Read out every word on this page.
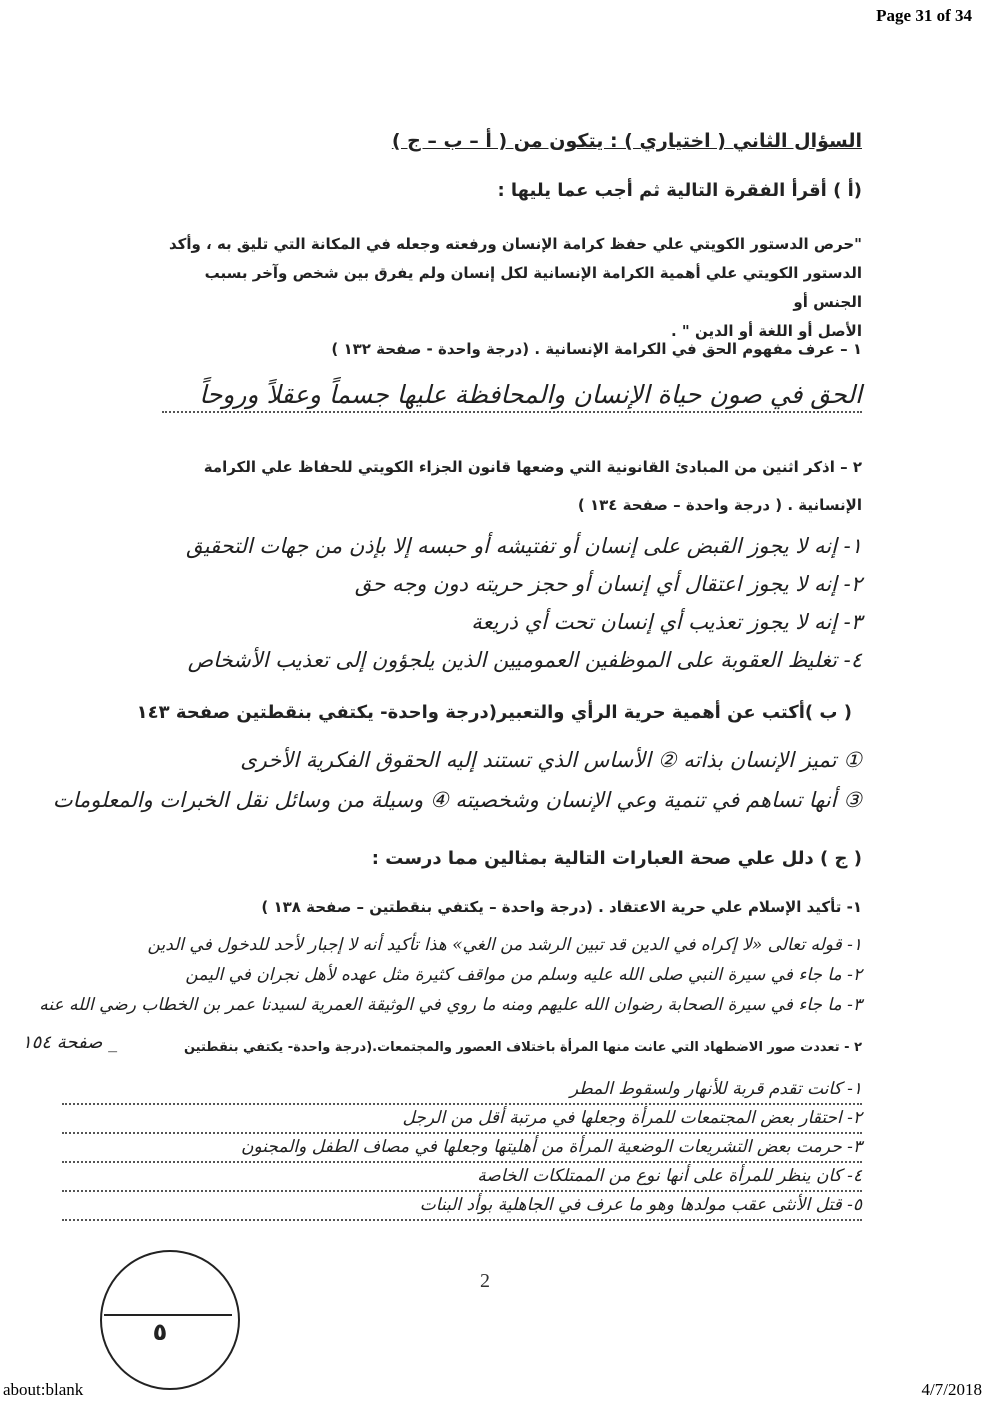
Page 31 of 34
about:blank	4/7/2018
السؤال الثاني ( اختياري ) : يتكون من ( أ – ب – ج )
(أ ) أقرأ الفقرة التالية ثم أجب عما يليها :
"حرص الدستور الكويتي علي حفظ كرامة الإنسان ورفعته وجعله في المكانة التي تليق به ، وأكد
الدستور الكويتي علي أهمية الكرامة الإنسانية لكل إنسان ولم يفرق بين شخص وآخر بسبب الجنس أو
الأصل أو اللغة أو الدين " .
١ – عرف مفهوم الحق في الكرامة الإنسانية . (درجة واحدة - صفحة ١٣٢ )
الحق في صون حياة الإنسان والمحافظة عليها جسماً وعقلاً وروحاً
٢ – اذكر اثنين من المبادئ القانونية التي وضعها قانون الجزاء الكويتي للحفاظ علي الكرامة
الإنسانية . ( درجة واحدة – صفحة ١٣٤ )
١- إنه لا يجوز القبض على إنسان أو تفتيشه أو حبسه إلا بإذن من جهات التحقيق
٢- إنه لا يجوز اعتقال أي إنسان أو حجز حريته دون وجه حق
٣- إنه لا يجوز تعذيب أي إنسان تحت أي ذريعة
٤- تغليظ العقوبة على الموظفين العموميين الذين يلجؤون إلى تعذيب الأشخاص
( ب )أكتب عن أهمية حرية الرأي والتعبير(درجة واحدة- يكتفي بنقطتين صفحة ١٤٣
① تميز الإنسان بذاته ② الأساس الذي تستند إليه الحقوق الفكرية الأخرى
③ أنها تساهم في تنمية وعي الإنسان وشخصيته ④ وسيلة من وسائل نقل الخبرات والمعلومات
( ج ) دلل علي صحة العبارات التالية بمثالين مما درست :
١- تأكيد الإسلام علي حرية الاعتقاد . (درجة واحدة – يكتفي بنقطتين – صفحة ١٣٨ )
١- قوله تعالى «لا إكراه في الدين قد تبين الرشد من الغي» هذا تأكيد أنه لا إجبار لأحد للدخول في الدين
٢- ما جاء في سيرة النبي صلى الله عليه وسلم من مواقف كثيرة مثل عهده لأهل نجران في اليمن
٣- ما جاء في سيرة الصحابة رضوان الله عليهم ومنه ما روي في الوثيقة العمرية لسيدنا عمر بن الخطاب رضي الله عنه
٢ - تعددت صور الاضطهاد التي عانت منها المرأة باختلاف العصور والمجتمعات.(درجة واحدة- يكتفي بنقطتين
_ صفحة ١٥٤
١- كانت تقدم قربة للأنهار ولسقوط المطر
٢- احتقار بعض المجتمعات للمرأة وجعلها في مرتبة أقل من الرجل
٣- حرمت بعض التشريعات الوضعية المرأة من أهليتها وجعلها في مصاف الطفل والمجنون
٤- كان ينظر للمرأة على أنها نوع من الممتلكات الخاصة
٥- قتل الأنثى عقب مولدها وهو ما عرف في الجاهلية بوأد البنات
2
٥
